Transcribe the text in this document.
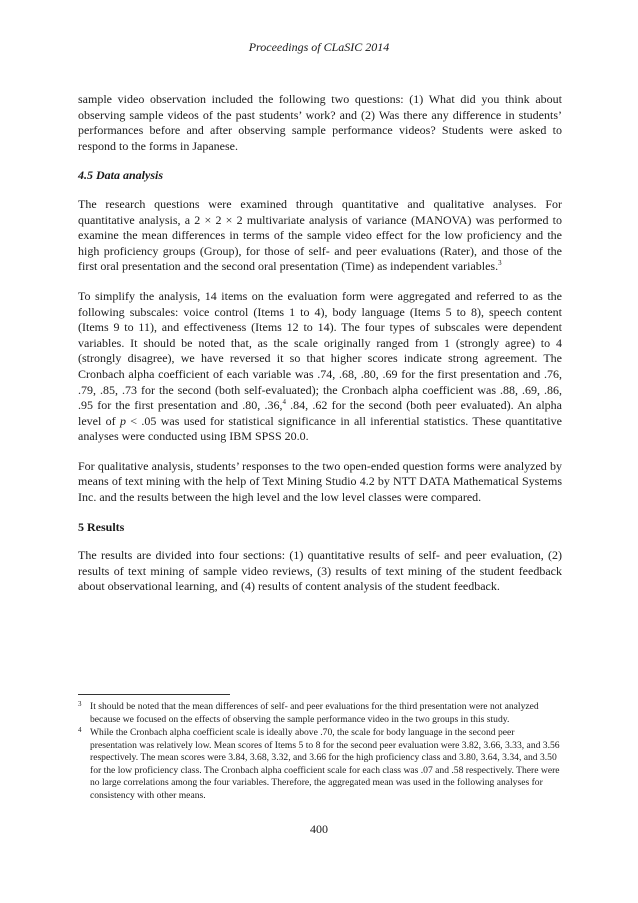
Proceedings of CLaSIC 2014

sample video observation included the following two questions: (1) What did you think about observing sample videos of the past students’ work? and (2) Was there any difference in students’ performances before and after observing sample performance videos? Students were asked to respond to the forms in Japanese.

4.5 Data analysis

The research questions were examined through quantitative and qualitative analyses. For quantitative analysis, a 2 × 2 × 2 multivariate analysis of variance (MANOVA) was performed to examine the mean differences in terms of the sample video effect for the low proficiency and the high proficiency groups (Group), for those of self- and peer evaluations (Rater), and those of the first oral presentation and the second oral presentation (Time) as independent variables.$^3$

To simplify the analysis, 14 items on the evaluation form were aggregated and referred to as the following subscales: voice control (Items 1 to 4), body language (Items 5 to 8), speech content (Items 9 to 11), and effectiveness (Items 12 to 14). The four types of subscales were dependent variables. It should be noted that, as the scale originally ranged from 1 (strongly agree) to 4 (strongly disagree), we have reversed it so that higher scores indicate strong agreement. The Cronbach alpha coefficient of each variable was .74, .68, .80, .69 for the first presentation and .76, .79, .85, .73 for the second (both self-evaluated); the Cronbach alpha coefficient was .88, .69, .86, .95 for the first presentation and .80, .36,$^4$ .84, .62 for the second (both peer evaluated). An alpha level of p < .05 was used for statistical significance in all inferential statistics. These quantitative analyses were conducted using IBM SPSS 20.0.

For qualitative analysis, students’ responses to the two open-ended question forms were analyzed by means of text mining with the help of Text Mining Studio 4.2 by NTT DATA Mathematical Systems Inc. and the results between the high level and the low level classes were compared.

5 Results

The results are divided into four sections: (1) quantitative results of self- and peer evaluation, (2) results of text mining of sample video reviews, (3) results of text mining of the student feedback about observational learning, and (4) results of content analysis of the student feedback.

3 It should be noted that the mean differences of self- and peer evaluations for the third presentation were not analyzed because we focused on the effects of observing the sample performance video in the two groups in this study.
4 While the Cronbach alpha coefficient scale is ideally above .70, the scale for body language in the second peer presentation was relatively low. Mean scores of Items 5 to 8 for the second peer evaluation were 3.82, 3.66, 3.33, and 3.56 respectively. The mean scores were 3.84, 3.68, 3.32, and 3.66 for the high proficiency class and 3.80, 3.64, 3.34, and 3.50 for the low proficiency class. The Cronbach alpha coefficient scale for each class was .07 and .58 respectively. There were no large correlations among the four variables. Therefore, the aggregated mean was used in the following analyses for consistency with other means.
400
